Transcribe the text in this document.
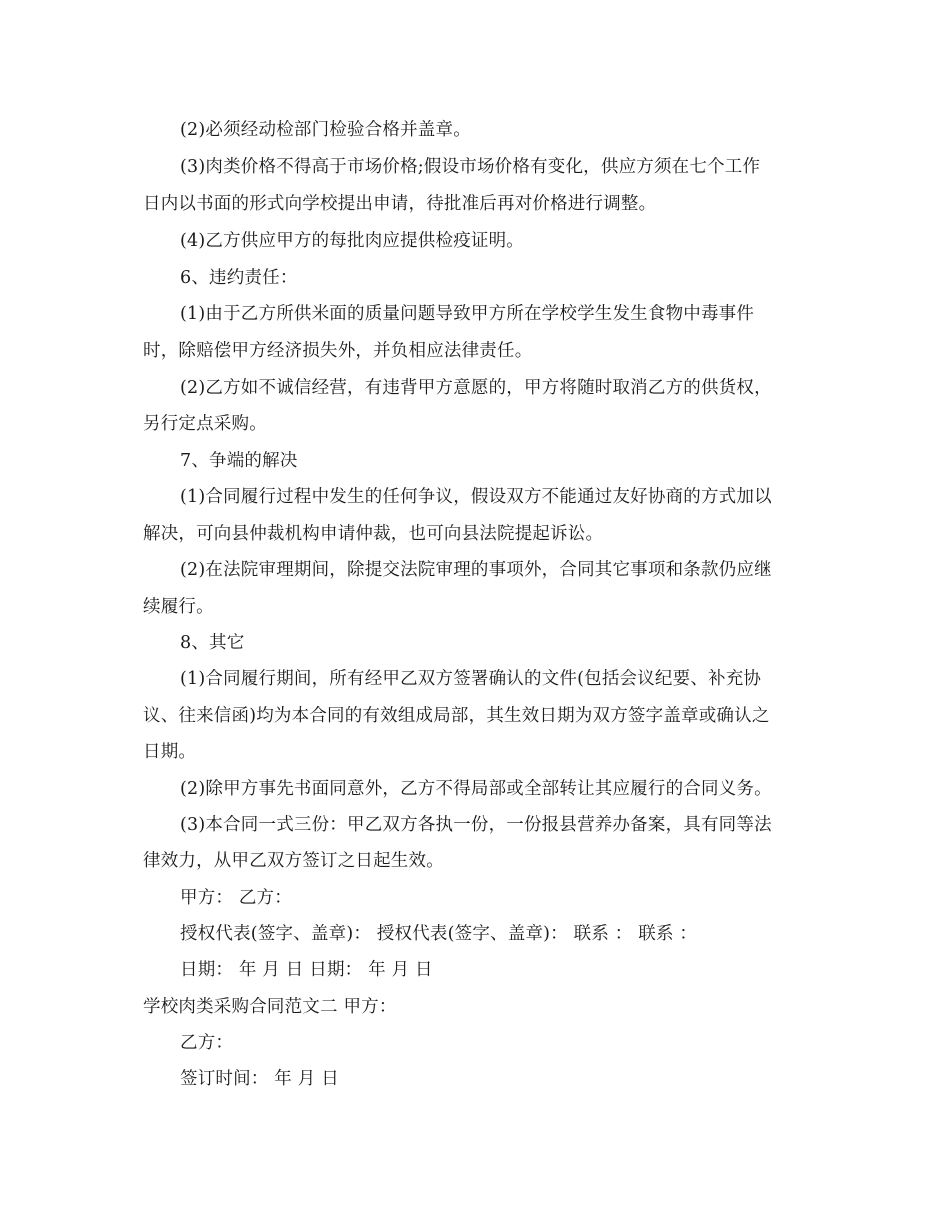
(2)必须经动检部门检验合格并盖章。
(3)肉类价格不得高于市场价格;假设市场价格有变化，供应方须在七个工作
日内以书面的形式向学校提出申请，待批准后再对价格进行调整。
(4)乙方供应甲方的每批肉应提供检疫证明。
6、违约责任：
(1)由于乙方所供米面的质量问题导致甲方所在学校学生发生食物中毒事件
时，除赔偿甲方经济损失外，并负相应法律责任。
(2)乙方如不诚信经营，有违背甲方意愿的，甲方将随时取消乙方的供货权，
另行定点采购。
7、争端的解决
(1)合同履行过程中发生的任何争议，假设双方不能通过友好协商的方式加以
解决，可向县仲裁机构申请仲裁，也可向县法院提起诉讼。
(2)在法院审理期间，除提交法院审理的事项外，合同其它事项和条款仍应继
续履行。
8、其它
(1)合同履行期间，所有经甲乙双方签署确认的文件(包括会议纪要、补充协
议、往来信函)均为本合同的有效组成局部，其生效日期为双方签字盖章或确认之
日期。
(2)除甲方事先书面同意外，乙方不得局部或全部转让其应履行的合同义务。
(3)本合同一式三份：甲乙双方各执一份，一份报县营养办备案，具有同等法
律效力，从甲乙双方签订之日起生效。
甲方： 乙方：
授权代表(签字、盖章)： 授权代表(签字、盖章)： 联系 ： 联系 ：
日期： 年 月 日 日期： 年 月 日
学校肉类采购合同范文二 甲方：
乙方：
签订时间： 年 月 日
